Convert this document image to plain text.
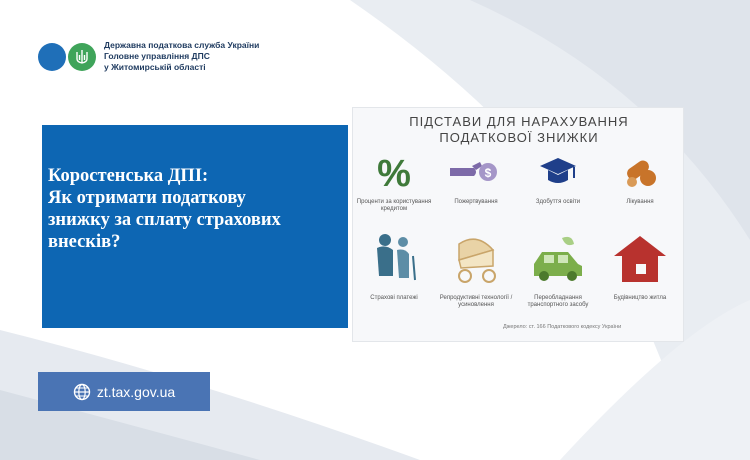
Державна податкова служба України
Головне управління ДПС
у Житомирській області
Коростенська ДПІ:
Як отримати податкову
знижку за сплату страхових
внесків?
ПІДСТАВИ ДЛЯ НАРАХУВАННЯ
ПОДАТКОВОЇ ЗНИЖКИ
%
Проценти за користування кредитом
$
Пожертвування	Здобуття освіти	Лікування
Страхові платежі	Репродуктивні технології / усиновлення
Переобладнання транспортного засобу
Будівництво житла
Джерело: ст. 166 Податкового кодексу України
zt.tax.gov.ua
